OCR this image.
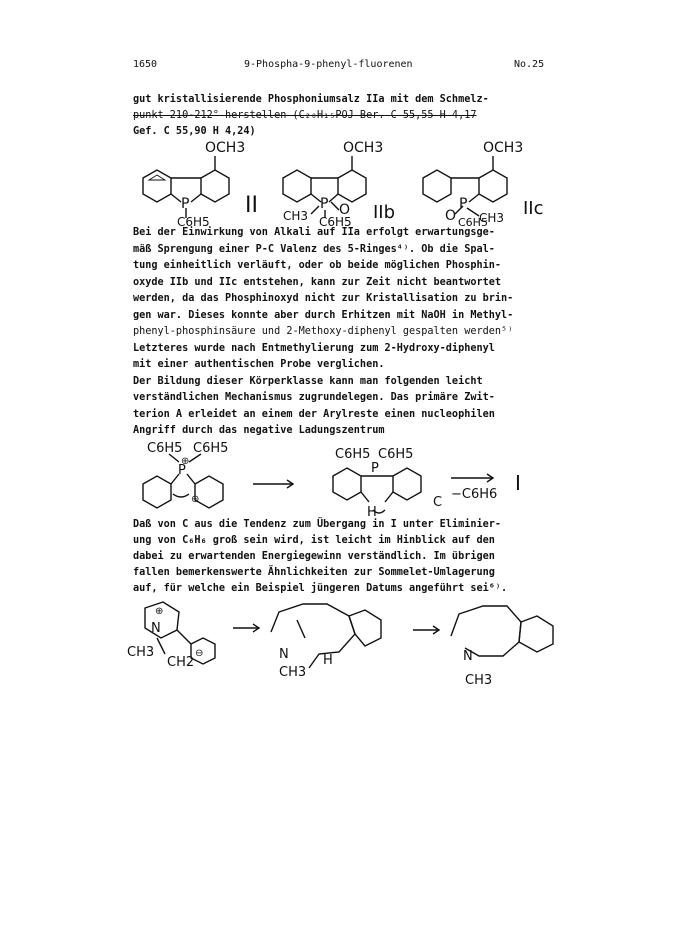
1650	9-Phospha-9-phenyl-fluorenen	No.25
gut kristallisierende Phosphoniumsalz IIa mit dem Schmelz-
punkt 210-212° herstellen (C₂₀H₁₅POJ Ber. C 55,55 H 4,17
Gef. C 55,90 H 4,24)
OCH3
P
C6H5
II
OCH3
P O
CH3 C6H5 IIb
OCH3
P
O CH3
C6H5
IIc
Bei der Einwirkung von Alkali auf IIa erfolgt erwartungsge-
mäß Sprengung einer P-C Valenz des 5-Ringes⁴⁾. Ob die Spal-
tung einheitlich verläuft, oder ob beide möglichen Phosphin-
oxyde IIb und IIc entstehen, kann zur Zeit nicht beantwortet
werden, da das Phosphinoxyd nicht zur Kristallisation zu brin-
gen war. Dieses konnte aber durch Erhitzen mit NaOH in Methyl-
phenyl-phosphinsäure und 2-Methoxy-diphenyl gespalten werden⁵⁾
Letzteres wurde nach Entmethylierung zum 2-Hydroxy-diphenyl
mit einer authentischen Probe verglichen.
Der Bildung dieser Körperklasse kann man folgenden leicht
verständlichen Mechanismus zugrundelegen. Das primäre Zwit-
terion A erleidet an einem der Arylreste einen nucleophilen
Angriff durch das negative Ladungszentrum
C6H5
⊕
C6H5
P
⊖
C6H5 C6H5
P
H
C
−C6H6 I
Daß von C aus die Tendenz zum Übergang in I unter Eliminier-
ung von C₆H₆ groß sein wird, ist leicht im Hinblick auf den
dabei zu erwartenden Energiegewinn verständlich. Im übrigen
fallen bemerkenswerte Ähnlichkeiten zur Sommelet-Umlagerung
auf, für welche ein Beispiel jüngeren Datums angeführt sei⁶⁾.
N
⊕
CH3
CH2
⊖	N
CH3
H	N
CH3
